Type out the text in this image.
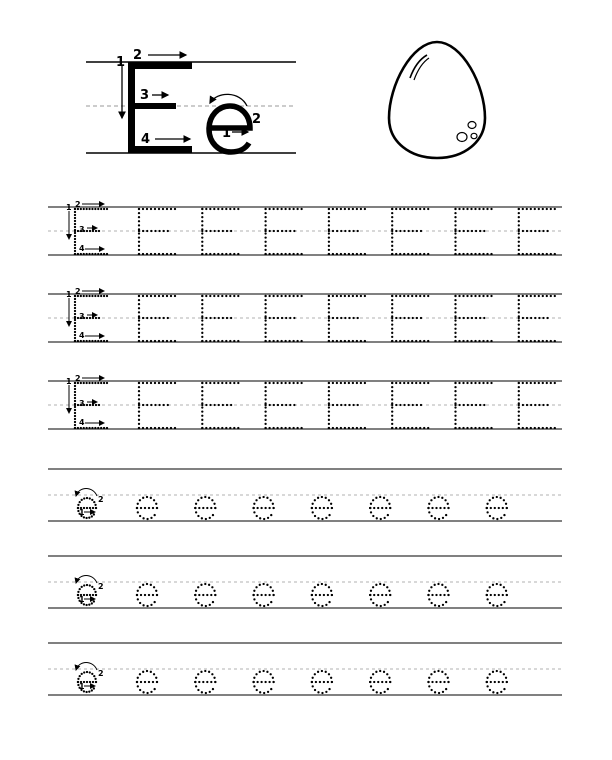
1 2
3
4	1
2
1 2
3
4
1 2
3
4
1 2
3
4
1
2
1
2
1
2
